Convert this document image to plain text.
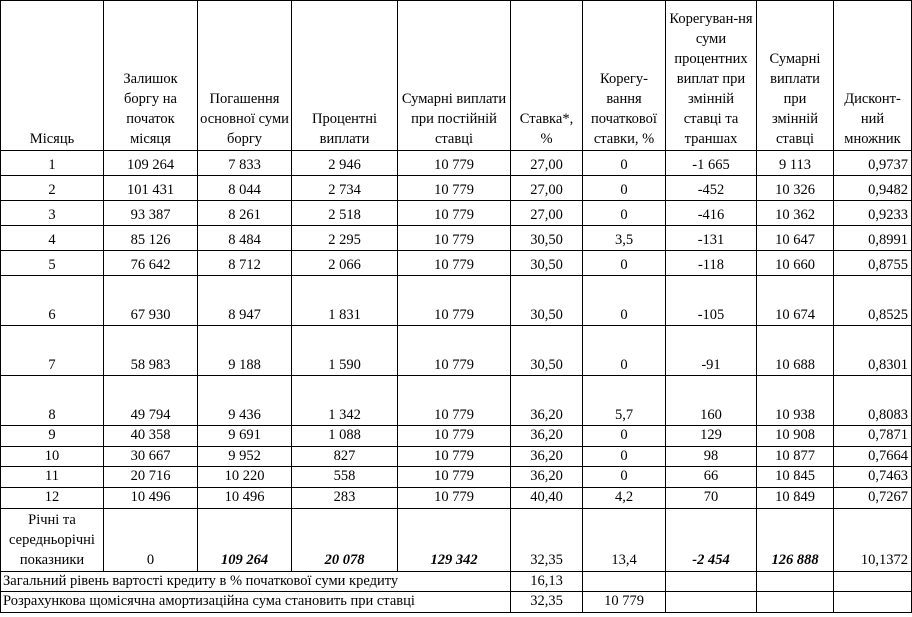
Місяць	Залишок боргу на початок місяця	Погашення основної суми боргу	Процентні виплати	Сумарні виплати при постійній ставці	Ставка*, %	Корегу-вання початкової ставки, %	Корегуван-ня суми процентних виплат при змінній ставці та траншах	Сумарні виплати при змінній ставці	Дисконт-ний множник
1	109 264	7 833	2 946	10 779	27,00	0	-1 665	9 113	0,9737
2	101 431	8 044	2 734	10 779	27,00	0	-452	10 326	0,9482
3	93 387	8 261	2 518	10 779	27,00	0	-416	10 362	0,9233
4	85 126	8 484	2 295	10 779	30,50	3,5	-131	10 647	0,8991
5	76 642	8 712	2 066	10 779	30,50	0	-118	10 660	0,8755
6	67 930	8 947	1 831	10 779	30,50	0	-105	10 674	0,8525
7	58 983	9 188	1 590	10 779	30,50	0	-91	10 688	0,8301
8	49 794	9 436	1 342	10 779	36,20	5,7	160	10 938	0,8083
9	40 358	9 691	1 088	10 779	36,20	0	129	10 908	0,7871
10	30 667	9 952	827	10 779	36,20	0	98	10 877	0,7664
11	20 716	10 220	558	10 779	36,20	0	66	10 845	0,7463
12	10 496	10 496	283	10 779	40,40	4,2	70	10 849	0,7267
Річні та середньорічні показники	0	109 264	20 078	129 342	32,35	13,4	-2 454	126 888	10,1372
Загальний рівень вартості кредиту в % початкової суми кредиту					16,13				
Розрахункова щомісячна амортизаційна сума становить при ставці					32,35	10 779			
